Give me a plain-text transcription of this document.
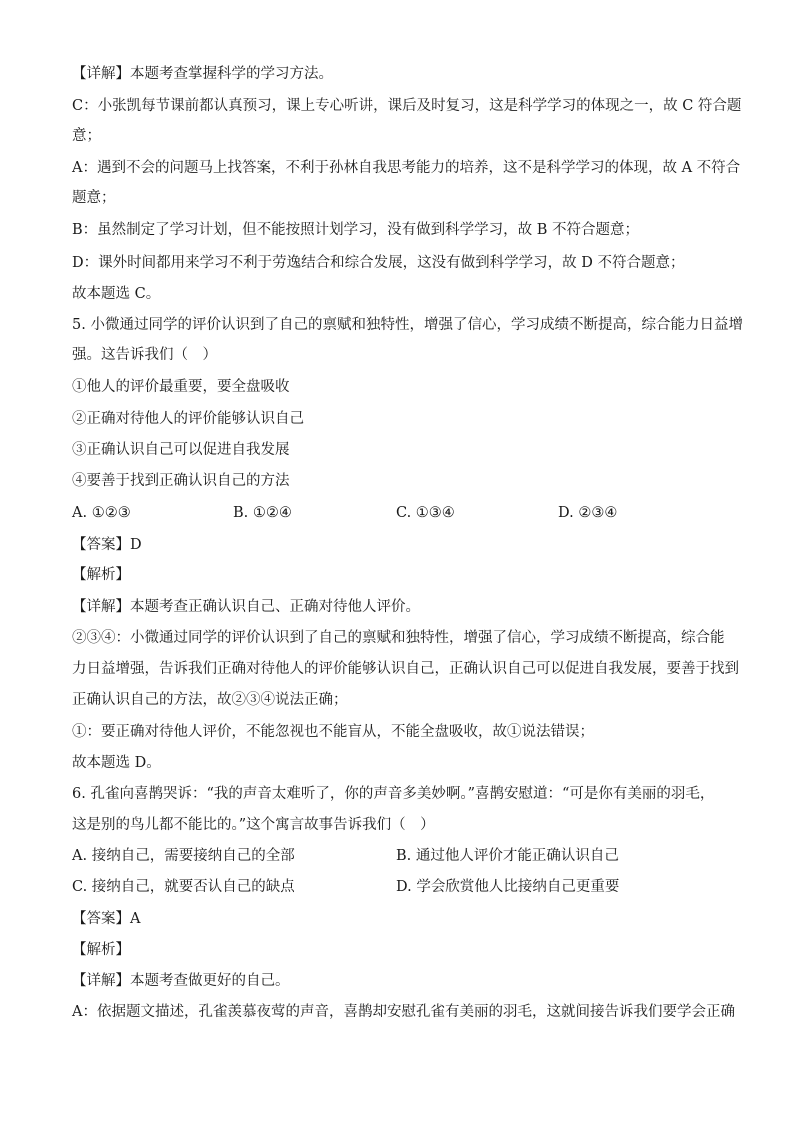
【详解】本题考查掌握科学的学习方法。
C：小张凯每节课前都认真预习，课上专心听讲，课后及时复习，这是科学学习的体现之一，故 C 符合题
意；
A：遇到不会的问题马上找答案，不利于孙林自我思考能力的培养，这不是科学学习的体现，故 A 不符合
题意；
B：虽然制定了学习计划，但不能按照计划学习，没有做到科学学习，故 B 不符合题意；
D：课外时间都用来学习不利于劳逸结合和综合发展，这没有做到科学学习，故 D 不符合题意；
故本题选 C。
5. 小微通过同学的评价认识到了自己的禀赋和独特性，增强了信心，学习成绩不断提高，综合能力日益增
强。这告诉我们（　）
①他人的评价最重要，要全盘吸收
②正确对待他人的评价能够认识自己
③正确认识自己可以促进自我发展
④要善于找到正确认识自己的方法
A. ①②③	B. ①②④	C. ①③④	D. ②③④
【答案】D
【解析】
【详解】本题考查正确认识自己、正确对待他人评价。
②③④：小微通过同学的评价认识到了自己的禀赋和独特性，增强了信心，学习成绩不断提高，综合能
力日益增强，告诉我们正确对待他人的评价能够认识自己，正确认识自己可以促进自我发展，要善于找到
正确认识自己的方法，故②③④说法正确；
①：要正确对待他人评价，不能忽视也不能盲从，不能全盘吸收，故①说法错误；
故本题选 D。
6. 孔雀向喜鹊哭诉：“我的声音太难听了，你的声音多美妙啊。”喜鹊安慰道：“可是你有美丽的羽毛，
这是别的鸟儿都不能比的。”这个寓言故事告诉我们（　）
A. 接纳自己，需要接纳自己的全部	B. 通过他人评价才能正确认识自己
C. 接纳自己，就要否认自己的缺点	D. 学会欣赏他人比接纳自己更重要
【答案】A
【解析】
【详解】本题考查做更好的自己。
A：依据题文描述，孔雀羡慕夜莺的声音，喜鹊却安慰孔雀有美丽的羽毛，这就间接告诉我们要学会正确
